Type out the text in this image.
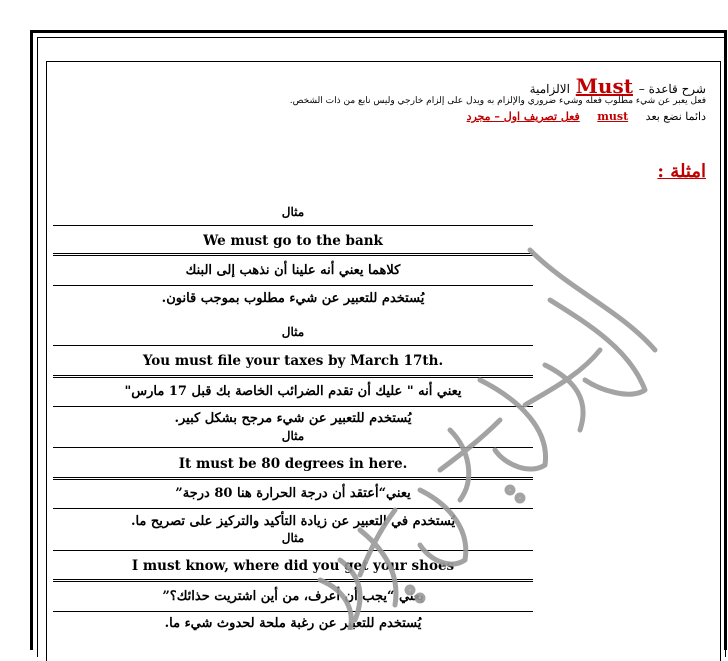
شرح قاعدة – Must الالزامية
فعل يعبر عن شيء مطلوب فعله وشيء ضروري والإلزام به ويدل على إلزام خارجي وليس نابع من ذات الشخص.
دائما نضع بعد must فعل تصريف اول – مجرد
امثلة :
مثال
We must go to the bank
كلاهما يعني أنه علينا أن نذهب إلى البنك
يُستخدم للتعبير عن شيء مطلوب بموجب قانون.
مثال
You must file your taxes by March 17th.
يعني أنه " عليك أن تقدم الضرائب الخاصة بك قبل 17 مارس"
يُستخدم للتعبير عن شيء مرجح بشكل كبير.
مثال
It must be 80 degrees in here.
يعني“أعتقد أن درجة الحرارة هنا 80 درجة”
يُستخدم في التعبير عن زيادة التأكيد والتركيز على تصريح ما.
مثال
I must know, where did you get your shoes
يعني “يجب أن أعرف، من أين اشتريت حذائك؟”
يُستخدم للتعبير عن رغبة ملحة لحدوث شيء ما.
